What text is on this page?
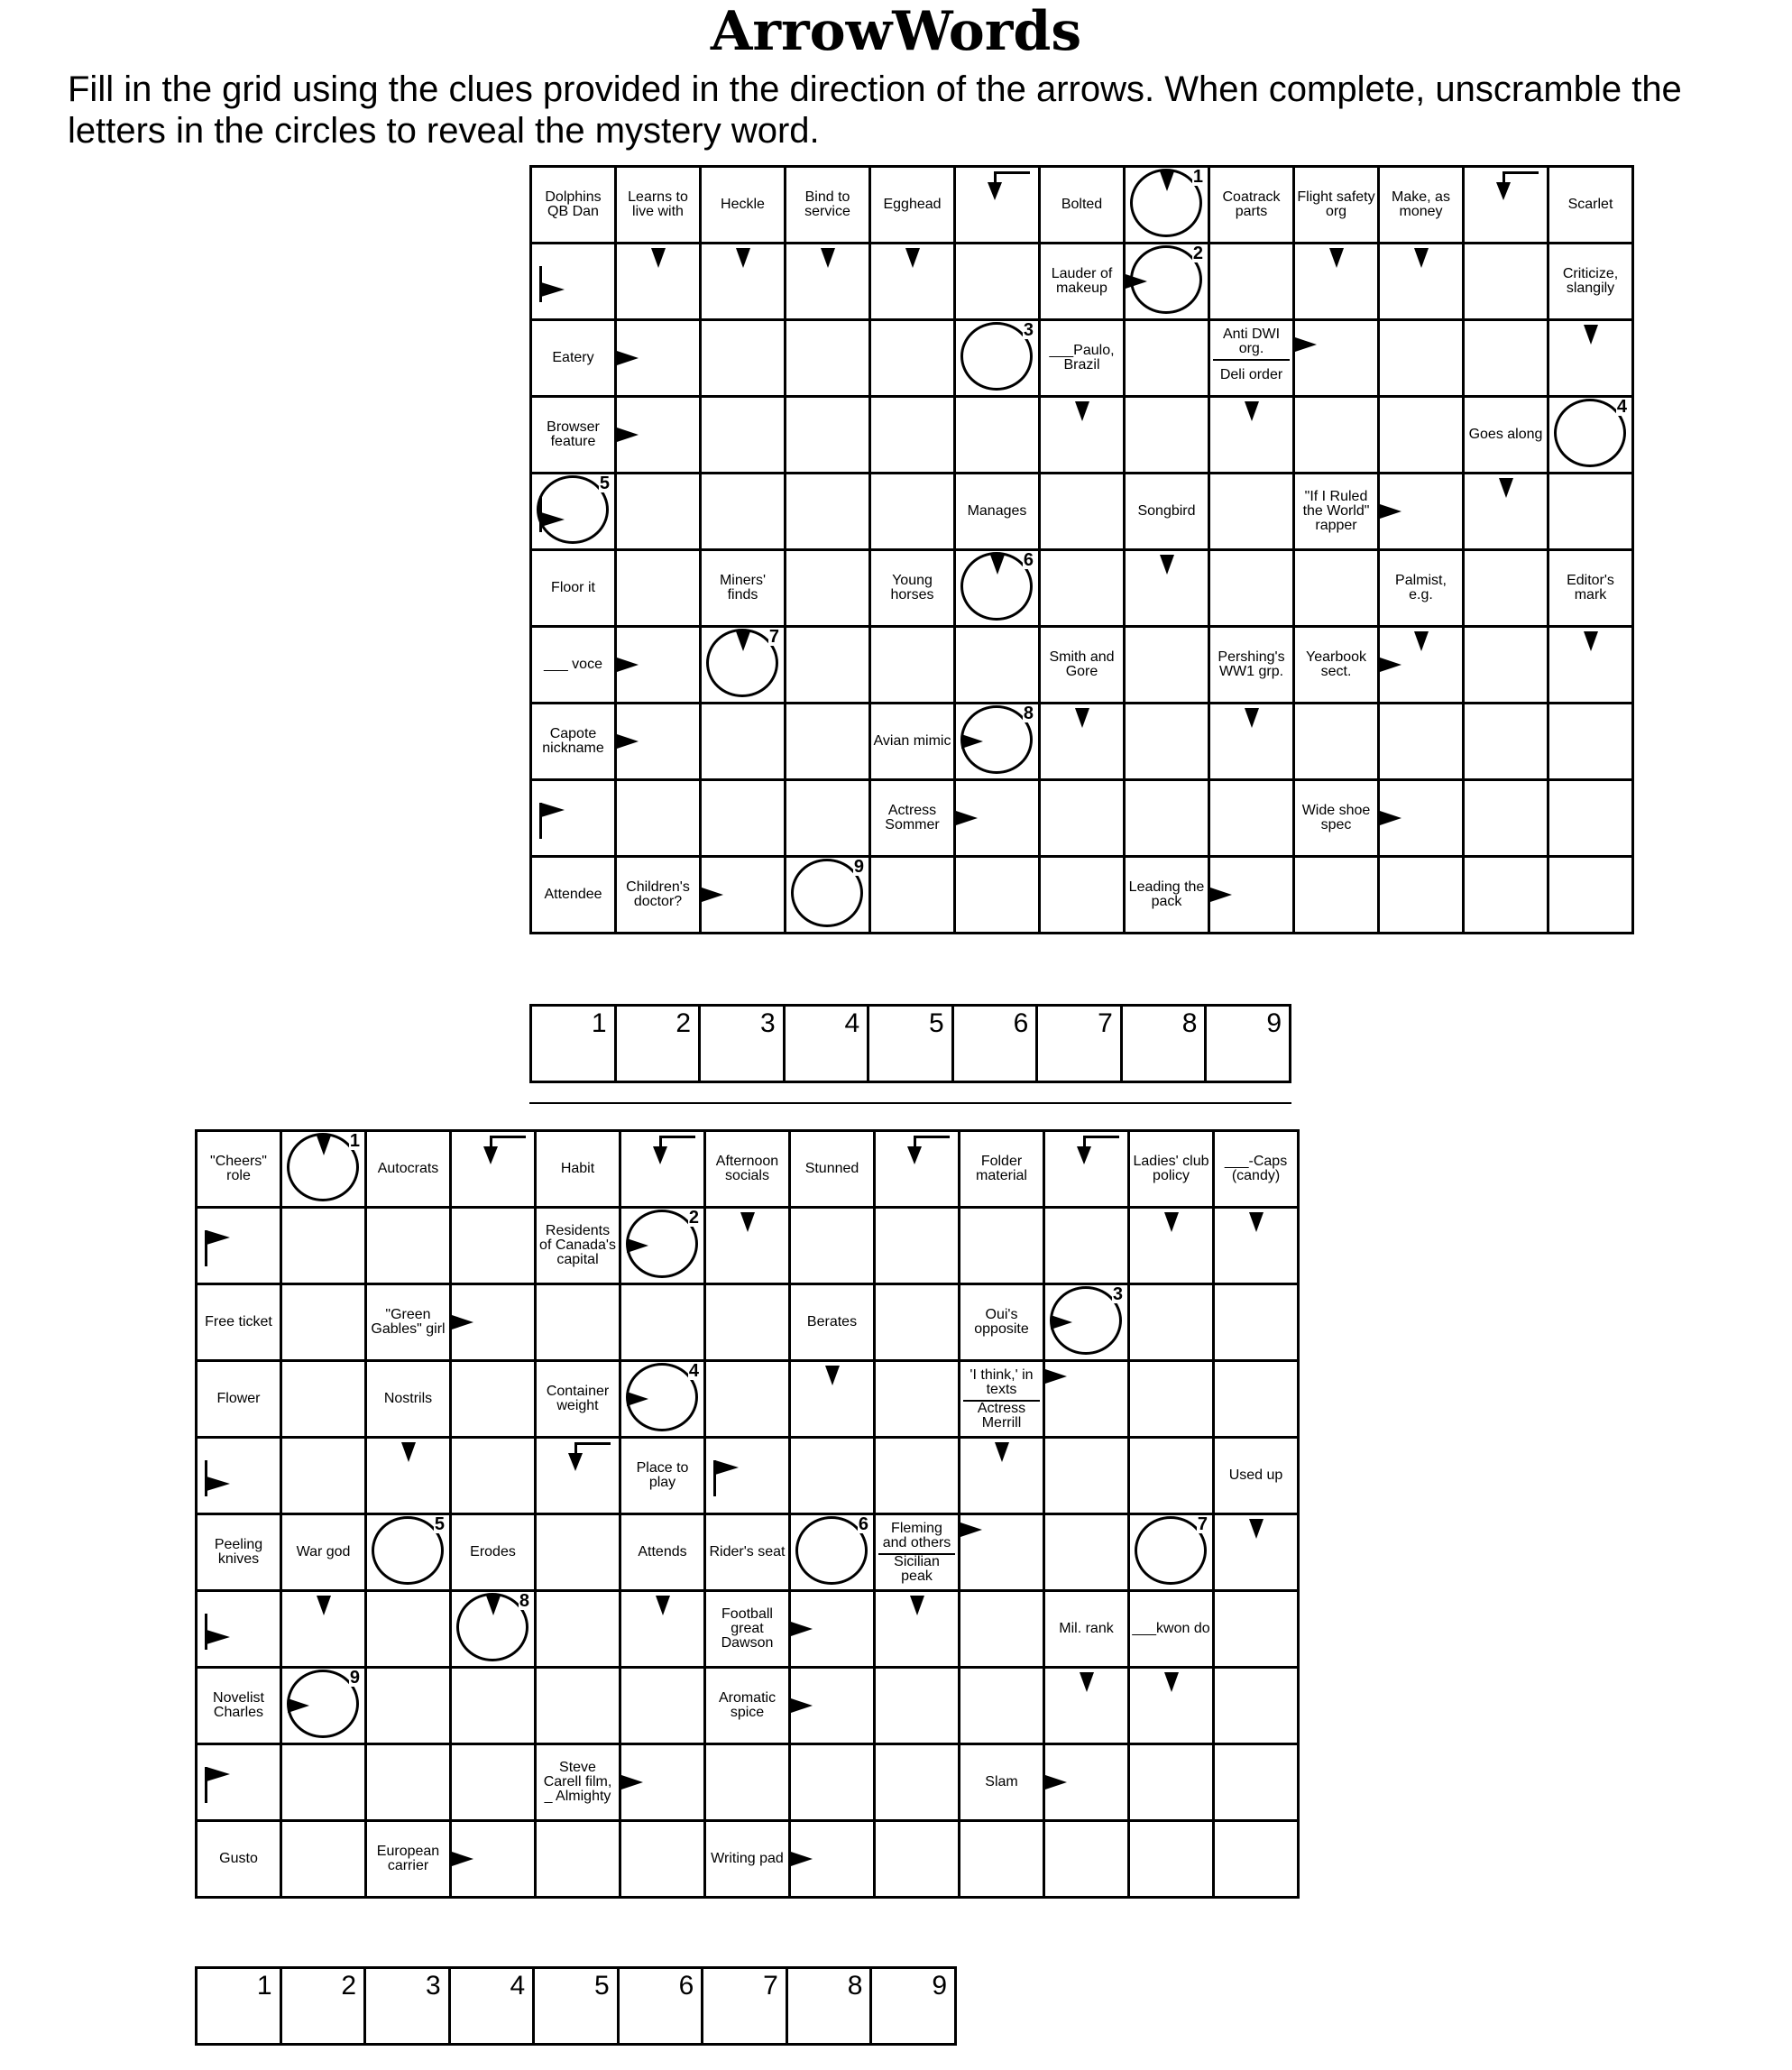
ArrowWords
Fill in the grid using the clues provided in the direction of the arrows. When complete, unscramble the letters in the circles to reveal the mystery word.
Dolphins QB Dan	Learns to live with	Heckle	Bind to service	Egghead		Bolted	1	Coatrack parts	Flight safety org	Make, as money		Scarlet

						Lauder of makeup	2					Criticize, slangily

Eatery					3	___Paulo, Brazil		Anti DWI org.
Deli order				

Browser feature											Goes along	4

5					Manages		Songbird		"If I Ruled the World" rapper			

Floor it		Miners' finds		Young horses	6					Palmist, e.g.		Editor's mark

___ voce		7				Smith and Gore		Pershing's WW1 grp.	Yearbook sect.			

Capote nickname				Avian mimic	8							

				Actress Sommer					Wide shoe spec			

Attendee	Children's doctor?		9				Leading the pack					

1	2	3	4	5	6	7	8	9
"Cheers" role	1	Autocrats		Habit		Afternoon socials	Stunned		Folder material		Ladies' club policy	___-Caps (candy)

				Residents of Canada's capital	2							

Free ticket		"Green Gables" girl					Berates		Oui's opposite	3		

Flower		Nostrils		Container weight	4				'I think,' in texts
Actress Merrill			

					Place to play							Used up

Peeling knives	War god	5	Erodes		Attends	Rider's seat	6	Fleming and others
Sicilian peak			7	

			8			Football great Dawson				Mil. rank	___kwon do	

Novelist Charles	9					Aromatic spice						

				Steve Carell film, _ Almighty					Slam			

Gusto		European carrier				Writing pad						

1	2	3	4	5	6	7	8	9
